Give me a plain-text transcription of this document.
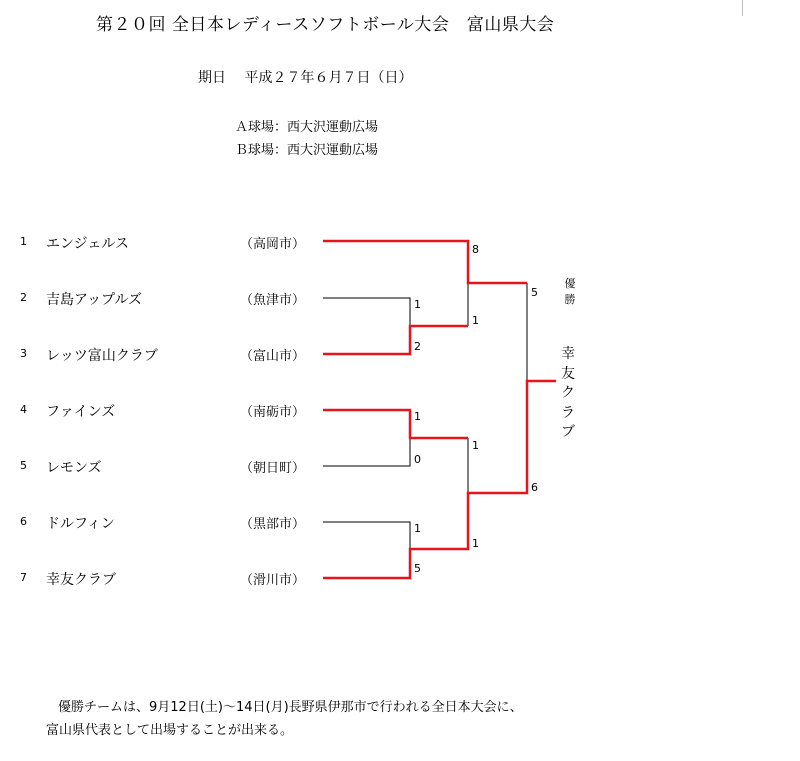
第２０回 全日本レディースソフトボール大会　富山県大会
期日　 平成２７年６月７日（日）
Ａ球場：西大沢運動広場
Ｂ球場：西大沢運動広場
1 エンジェルス	（高岡市）
2 吉島アップルズ	（魚津市）
3 レッツ富山クラブ	（富山市）
4 ファインズ	（南砺市）
5 レモンズ	（朝日町）
6 ドルフィン	（黒部市）
7 幸友クラブ	（滑川市）
1
2
1
0
1
5
8
1
1
1
5
6
優勝
幸友クラブ
優勝チームは、9月12日(土)～14日(月)長野県伊那市で行われる全日本大会に、
富山県代表として出場することが出来る。
